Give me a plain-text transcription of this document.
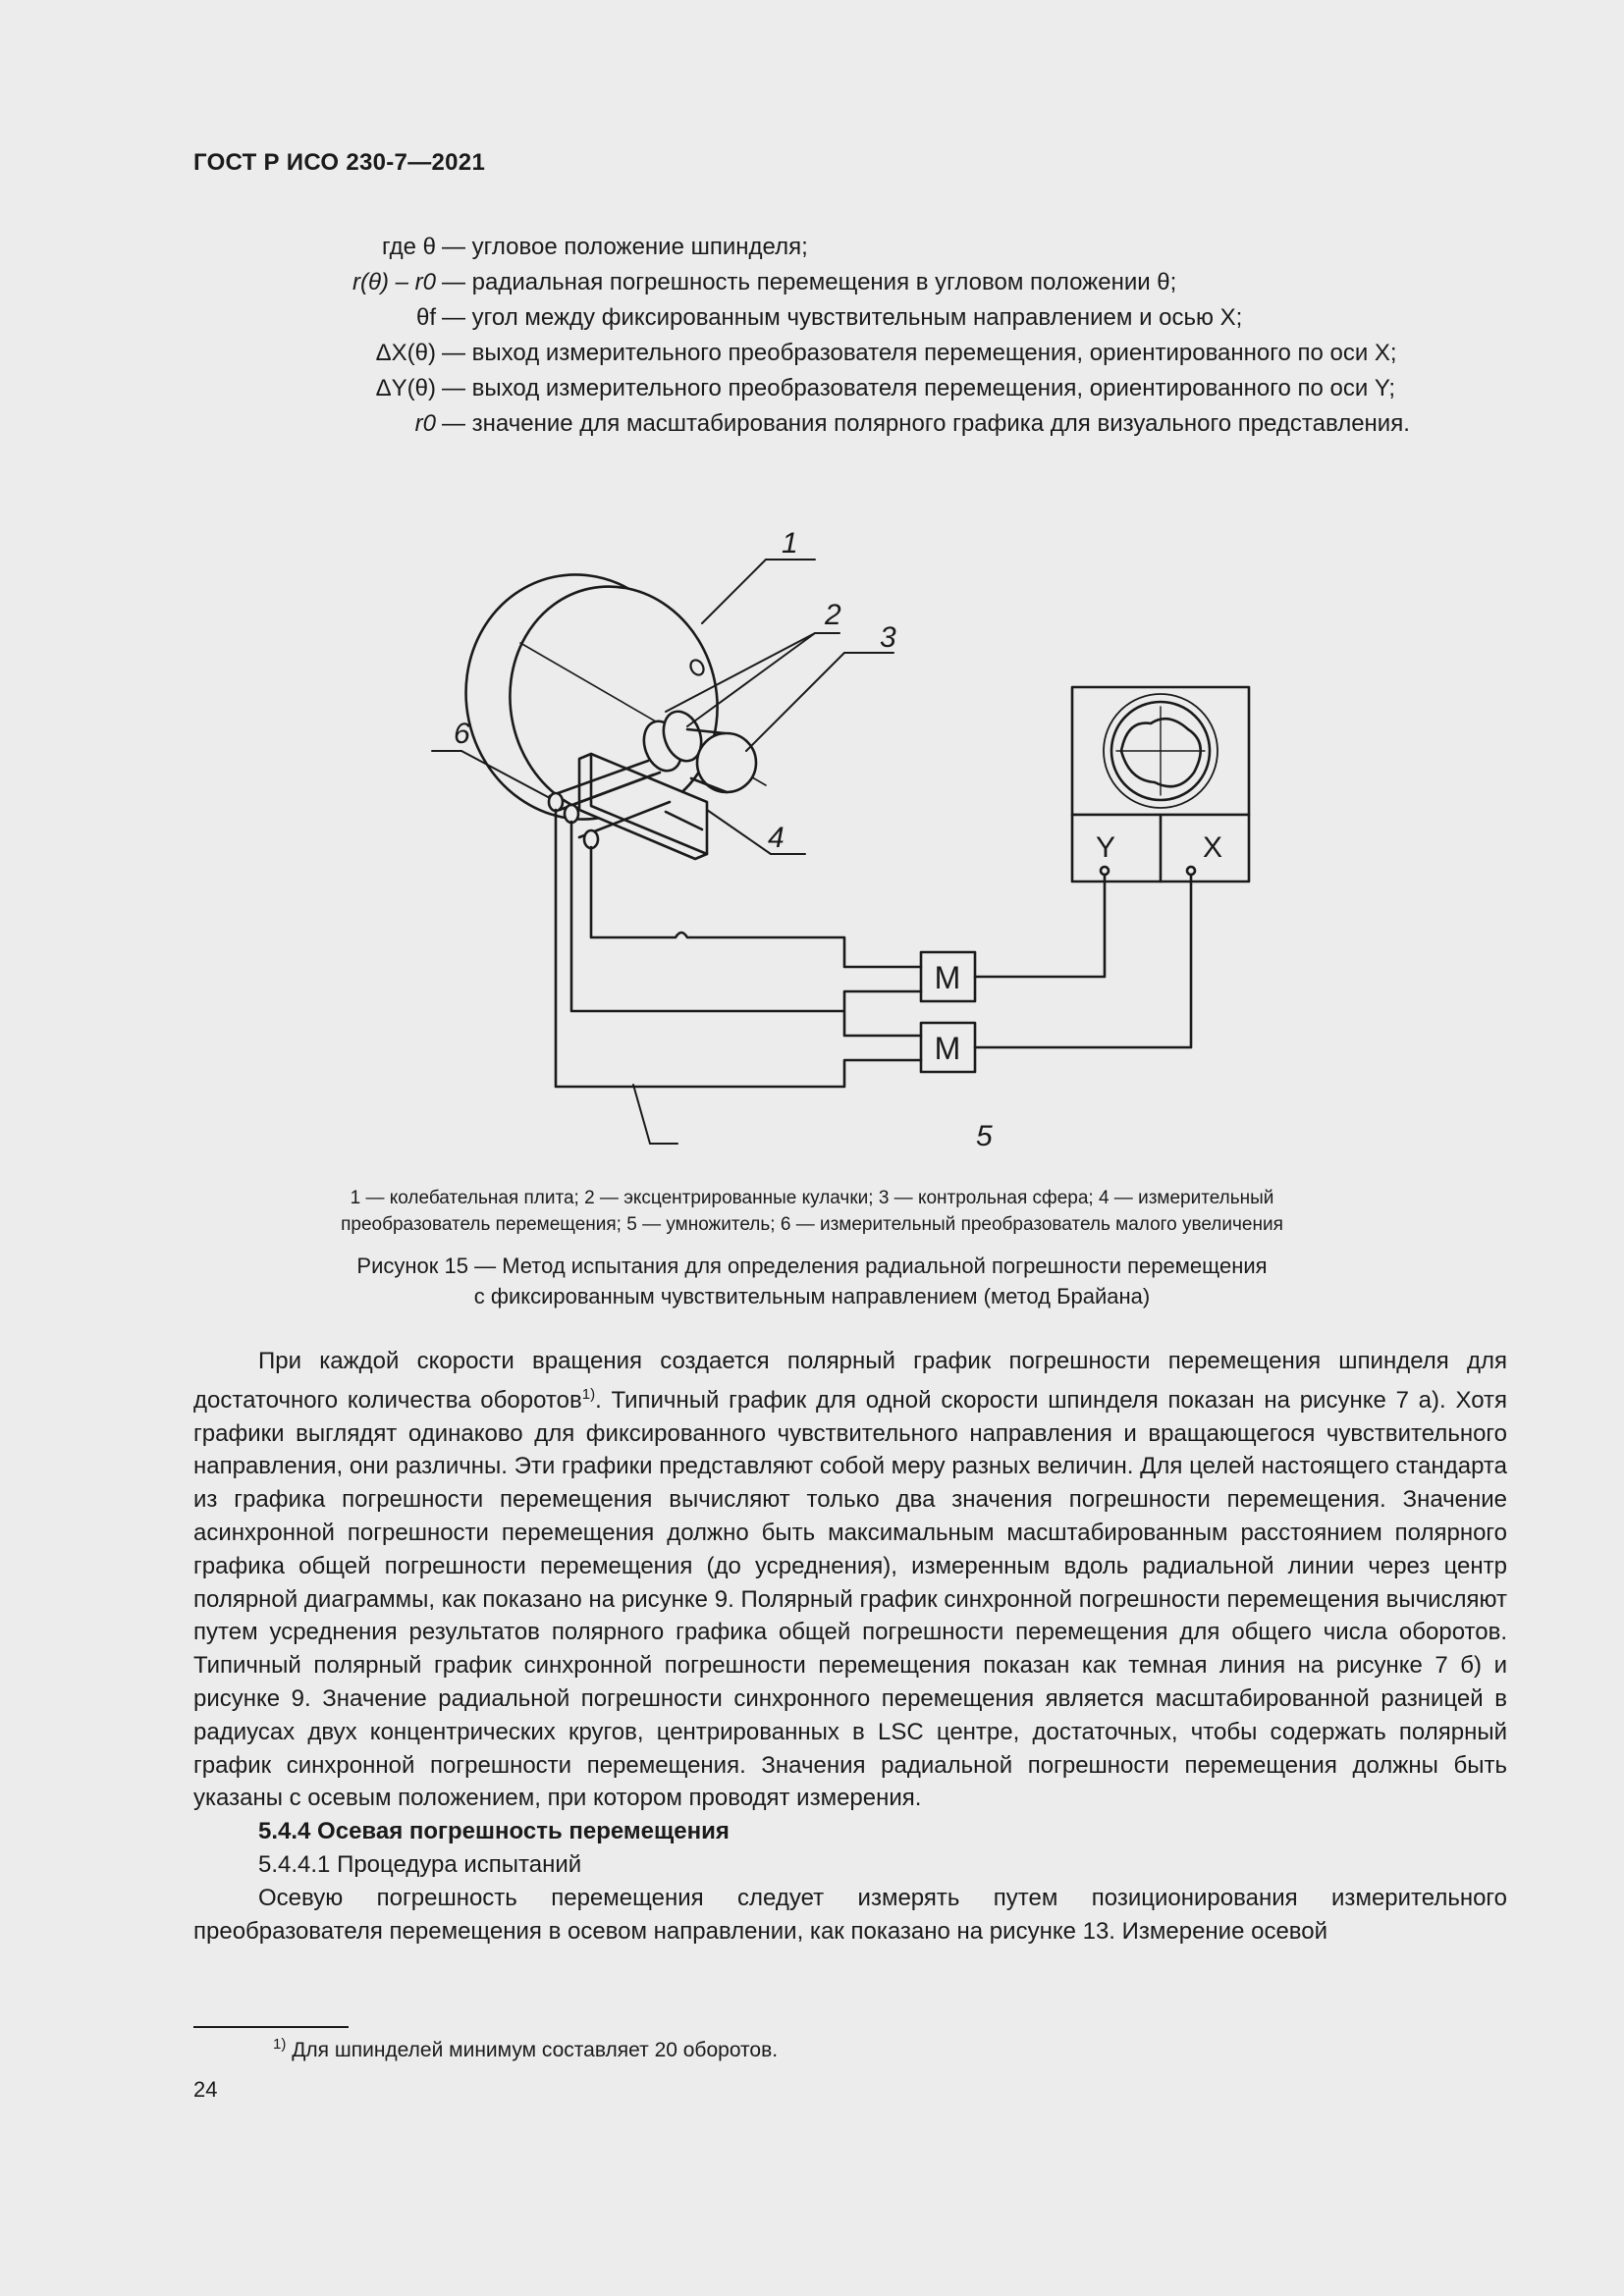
ГОСТ Р ИСО 230-7—2021
где θ — угловое положение шпинделя;
r(θ) – r0 — радиальная погрешность перемещения в угловом положении θ;
θf — угол между фиксированным чувствительным направлением и осью X;
ΔX(θ) — выход измерительного преобразователя перемещения, ориентированного по оси X;
ΔY(θ) — выход измерительного преобразователя перемещения, ориентированного по оси Y;
r0 — значение для масштабирования полярного графика для визуального представления.
1
2
3
4
5
6
Y	X
M
M
1 — колебательная плита; 2 — эксцентрированные кулачки; 3 — контрольная сфера; 4 — измерительный
преобразователь перемещения; 5 — умножитель; 6 — измерительный преобразователь малого увеличения
Рисунок 15 — Метод испытания для определения радиальной погрешности перемещения
с фиксированным чувствительным направлением (метод Брайана)

При каждой скорости вращения создается полярный график погрешности перемещения шпинделя для достаточного количества оборотов$^{1)}$. Типичный график для одной скорости шпинделя показан на рисунке 7 а). Хотя графики выглядят одинаково для фиксированного чувствительного направления и вращающегося чувствительного направления, они различны. Эти графики представляют собой меру разных величин. Для целей настоящего стандарта из графика погрешности перемещения вычисляют только два значения погрешности перемещения. Значение асинхронной погрешности перемещения должно быть максимальным масштабированным расстоянием полярного графика общей погрешности перемещения (до усреднения), измеренным вдоль радиальной линии через центр полярной диаграммы, как показано на рисунке 9. Полярный график синхронной погрешности перемещения вычисляют путем усреднения результатов полярного графика общей погрешности перемещения для общего числа оборотов. Типичный полярный график синхронной погрешности перемещения показан как темная линия на рисунке 7 б) и рисунке 9. Значение радиальной погрешности синхронного перемещения является масштабированной разницей в радиусах двух концентрических кругов, центрированных в LSC центре, достаточных, чтобы содержать полярный график синхронной погрешности перемещения. Значения радиальной погрешности перемещения должны быть указаны с осевым положением, при котором проводят измерения.

5.4.4 Осевая погрешность перемещения
5.4.4.1 Процедура испытаний

Осевую погрешность перемещения следует измерять путем позиционирования измерительного преобразователя перемещения в осевом направлении, как показано на рисунке 13. Измерение осевой

$^{1)}$ Для шпинделей минимум составляет 20 оборотов.
24
